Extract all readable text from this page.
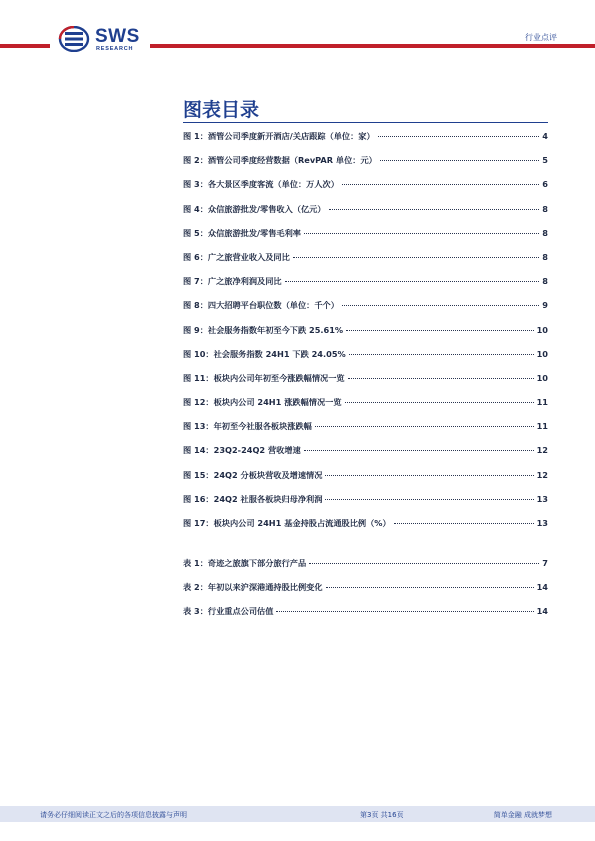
SWS
RESEARCH
行业点评
图表目录
图 1：酒管公司季度新开酒店/关店跟踪（单位：家）	4
图 2：酒管公司季度经营数据（RevPAR 单位：元）	5
图 3：各大景区季度客流（单位：万人次）	6
图 4：众信旅游批发/零售收入（亿元）	8
图 5：众信旅游批发/零售毛利率	8
图 6：广之旅营业收入及同比	8
图 7：广之旅净利润及同比	8
图 8：四大招聘平台职位数（单位：千个）	9
图 9：社会服务指数年初至今下跌 25.61%	10
图 10：社会服务指数 24H1 下跌 24.05%	10
图 11：板块内公司年初至今涨跌幅情况一览	10
图 12：板块内公司 24H1 涨跌幅情况一览	11
图 13：年初至今社服各板块涨跌幅	11
图 14：23Q2-24Q2 营收增速	12
图 15：24Q2 分板块营收及增速情况	12
图 16：24Q2 社服各板块归母净利润	13
图 17：板块内公司 24H1 基金持股占流通股比例（%）	13
表 1：奇迹之旅旗下部分旅行产品	7
表 2：年初以来沪深港通持股比例变化	14
表 3：行业重点公司估值	14
请务必仔细阅读正文之后的各项信息披露与声明	第3页 共16页	简单金融 成就梦想
